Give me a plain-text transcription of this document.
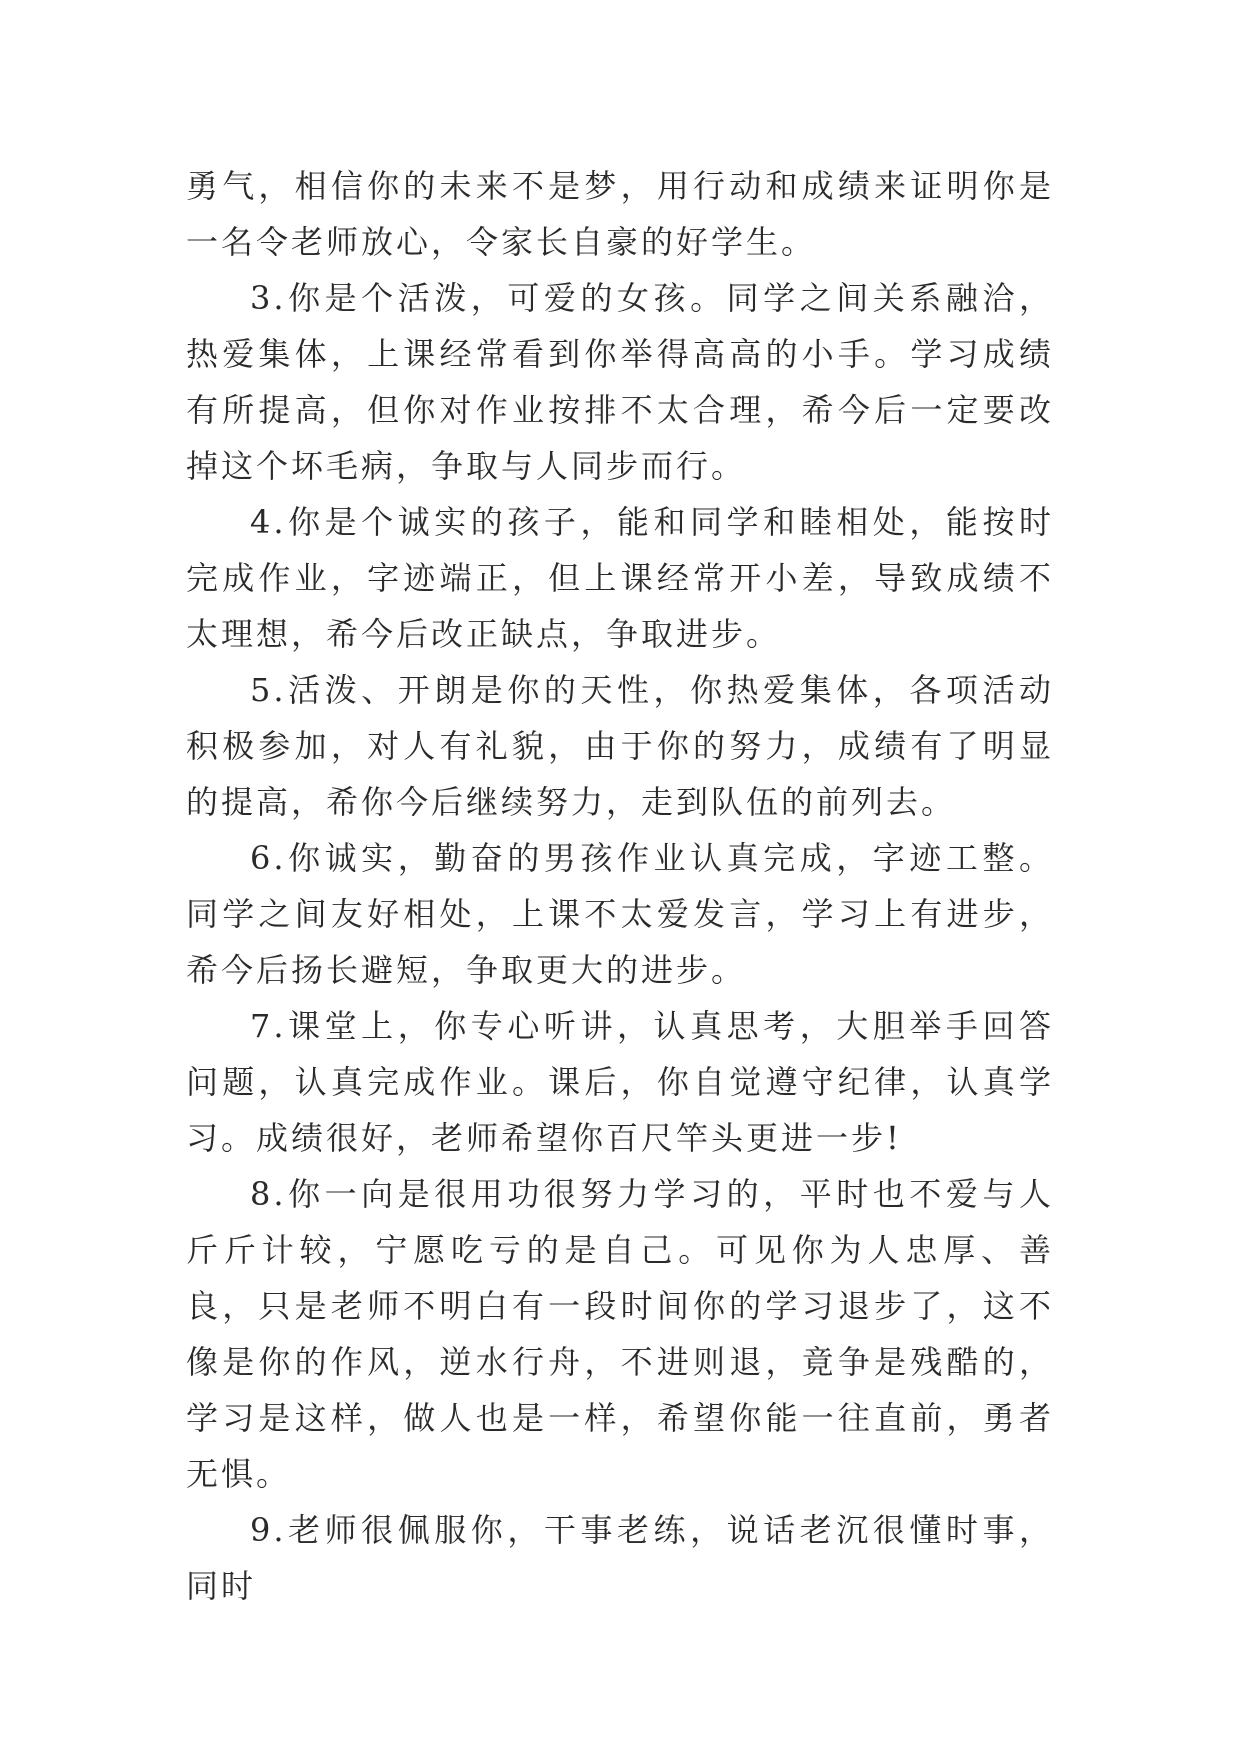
勇气，相信你的未来不是梦，用行动和成绩来证明你是一名令老师放心，令家长自豪的好学生。

3.你是个活泼，可爱的女孩。同学之间关系融洽，热爱集体，上课经常看到你举得高高的小手。学习成绩有所提高，但你对作业按排不太合理，希今后一定要改掉这个坏毛病，争取与人同步而行。

4.你是个诚实的孩子，能和同学和睦相处，能按时完成作业，字迹端正，但上课经常开小差，导致成绩不太理想，希今后改正缺点，争取进步。

5.活泼、开朗是你的天性，你热爱集体，各项活动积极参加，对人有礼貌，由于你的努力，成绩有了明显的提高，希你今后继续努力，走到队伍的前列去。

6.你诚实，勤奋的男孩作业认真完成，字迹工整。同学之间友好相处，上课不太爱发言，学习上有进步，希今后扬长避短，争取更大的进步。

7.课堂上，你专心听讲，认真思考，大胆举手回答问题，认真完成作业。课后，你自觉遵守纪律，认真学习。成绩很好，老师希望你百尺竿头更进一步!

8.你一向是很用功很努力学习的，平时也不爱与人斤斤计较，宁愿吃亏的是自己。可见你为人忠厚、善良，只是老师不明白有一段时间你的学习退步了，这不像是你的作风，逆水行舟，不进则退，竟争是残酷的，学习是这样，做人也是一样，希望你能一往直前，勇者无惧。

9.老师很佩服你，干事老练，说话老沉很懂时事，同时
